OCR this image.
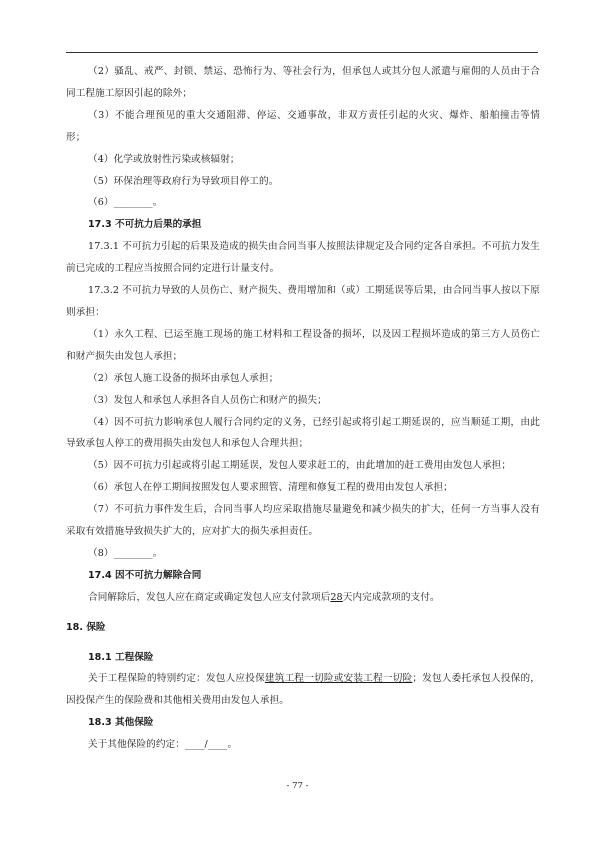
（2）骚乱、戒严、封锁、禁运、恐怖行为、等社会行为，但承包人或其分包人派遣与雇佣的人员由于合同工程施工原因引起的除外；

（3）不能合理预见的重大交通阻滞、停运、交通事故，非双方责任引起的火灾、爆炸、船舶撞击等情形；

（4）化学或放射性污染或核辐射；

（5）环保治理等政府行为导致项目停工的。

（6）________。

17.3 不可抗力后果的承担

17.3.1 不可抗力引起的后果及造成的损失由合同当事人按照法律规定及合同约定各自承担。不可抗力发生前已完成的工程应当按照合同约定进行计量支付。

17.3.2 不可抗力导致的人员伤亡、财产损失、费用增加和（或）工期延误等后果，由合同当事人按以下原则承担：

（1）永久工程、已运至施工现场的施工材料和工程设备的损坏，以及因工程损坏造成的第三方人员伤亡和财产损失由发包人承担；

（2）承包人施工设备的损坏由承包人承担；

（3）发包人和承包人承担各自人员伤亡和财产的损失；

（4）因不可抗力影响承包人履行合同约定的义务，已经引起或将引起工期延误的，应当顺延工期，由此导致承包人停工的费用损失由发包人和承包人合理共担；

（5）因不可抗力引起或将引起工期延误，发包人要求赶工的，由此增加的赶工费用由发包人承担；

（6）承包人在停工期间按照发包人要求照管、清理和修复工程的费用由发包人承担；

（7）不可抗力事件发生后，合同当事人均应采取措施尽量避免和减少损失的扩大，任何一方当事人没有采取有效措施导致损失扩大的，应对扩大的损失承担责任。

（8）________。

17.4 因不可抗力解除合同

合同解除后，发包人应在商定或确定发包人应支付款项后28天内完成款项的支付。

18. 保险

18.1 工程保险

关于工程保险的特别约定：发包人应投保建筑工程一切险或安装工程一切险；发包人委托承包人投保的，因投保产生的保险费和其他相关费用由发包人承担。

18.3 其他保险

关于其他保险的约定：____/____。

- 77 -
